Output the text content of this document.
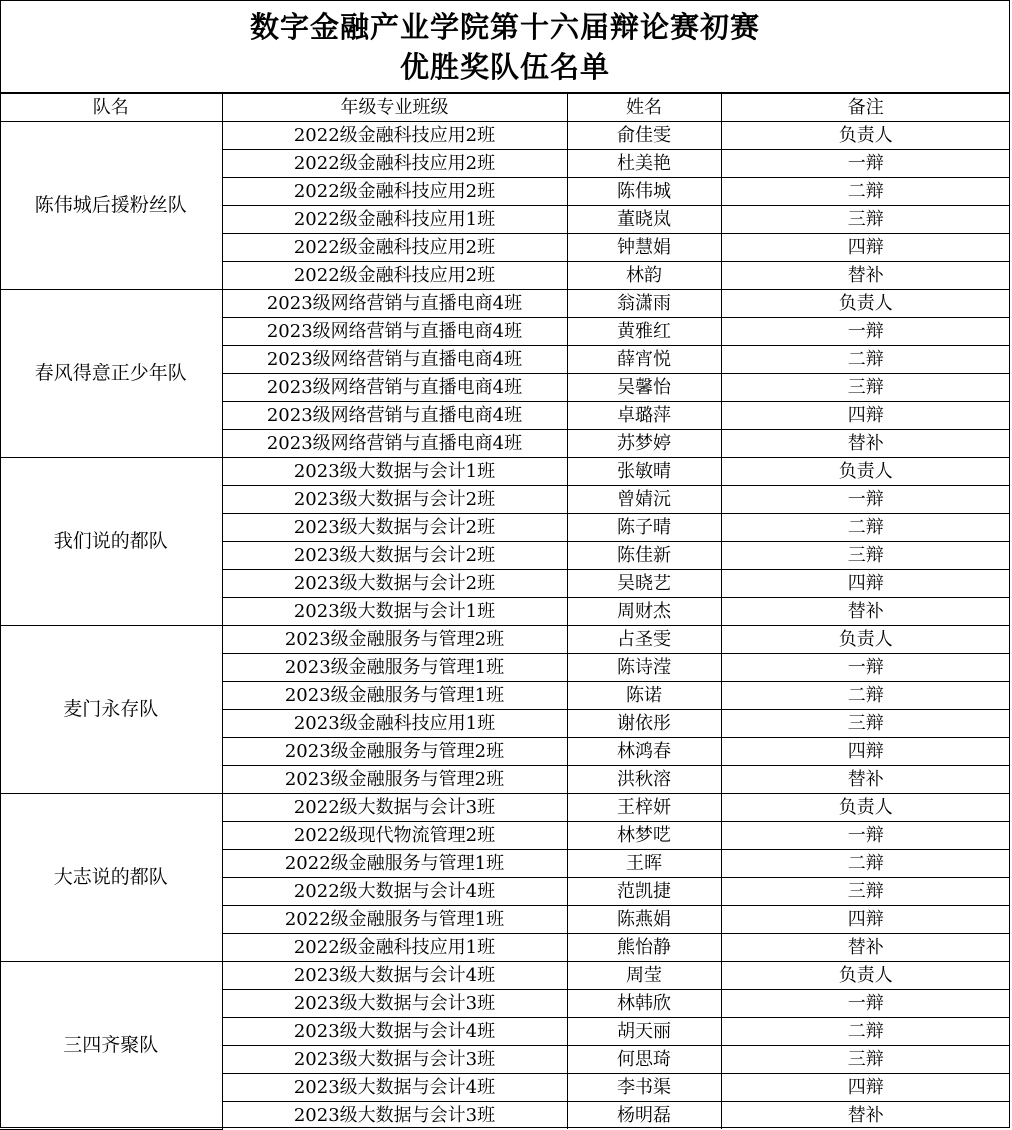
数字金融产业学院第十六届辩论赛初赛
优胜奖队伍名单
队名	年级专业班级	姓名	备注
陈伟城后援粉丝队	2022级金融科技应用2班	俞佳雯	负责人
	2022级金融科技应用2班	杜美艳	一辩
	2022级金融科技应用2班	陈伟城	二辩
	2022级金融科技应用1班	董晓岚	三辩
	2022级金融科技应用2班	钟慧娟	四辩
	2022级金融科技应用2班	林韵	替补
春风得意正少年队	2023级网络营销与直播电商4班	翁潇雨	负责人
	2023级网络营销与直播电商4班	黄雅红	一辩
	2023级网络营销与直播电商4班	薛宵悦	二辩
	2023级网络营销与直播电商4班	吴馨怡	三辩
	2023级网络营销与直播电商4班	卓璐萍	四辩
	2023级网络营销与直播电商4班	苏梦婷	替补
我们说的都队	2023级大数据与会计1班	张敏晴	负责人
	2023级大数据与会计2班	曾婧沅	一辩
	2023级大数据与会计2班	陈子晴	二辩
	2023级大数据与会计2班	陈佳新	三辩
	2023级大数据与会计2班	吴晓艺	四辩
	2023级大数据与会计1班	周财杰	替补
麦门永存队	2023级金融服务与管理2班	占圣雯	负责人
	2023级金融服务与管理1班	陈诗滢	一辩
	2023级金融服务与管理1班	陈诺	二辩
	2023级金融科技应用1班	谢依彤	三辩
	2023级金融服务与管理2班	林鸿春	四辩
	2023级金融服务与管理2班	洪秋溶	替补
大志说的都队	2022级大数据与会计3班	王梓妍	负责人
	2022级现代物流管理2班	林梦呓	一辩
	2022级金融服务与管理1班	王晖	二辩
	2022级大数据与会计4班	范凯捷	三辩
	2022级金融服务与管理1班	陈燕娟	四辩
	2022级金融科技应用1班	熊怡静	替补
三四齐聚队	2023级大数据与会计4班	周莹	负责人
	2023级大数据与会计3班	林韩欣	一辩
	2023级大数据与会计4班	胡天丽	二辩
	2023级大数据与会计3班	何思琦	三辩
	2023级大数据与会计4班	李书渠	四辩
	2023级大数据与会计3班	杨明磊	替补
